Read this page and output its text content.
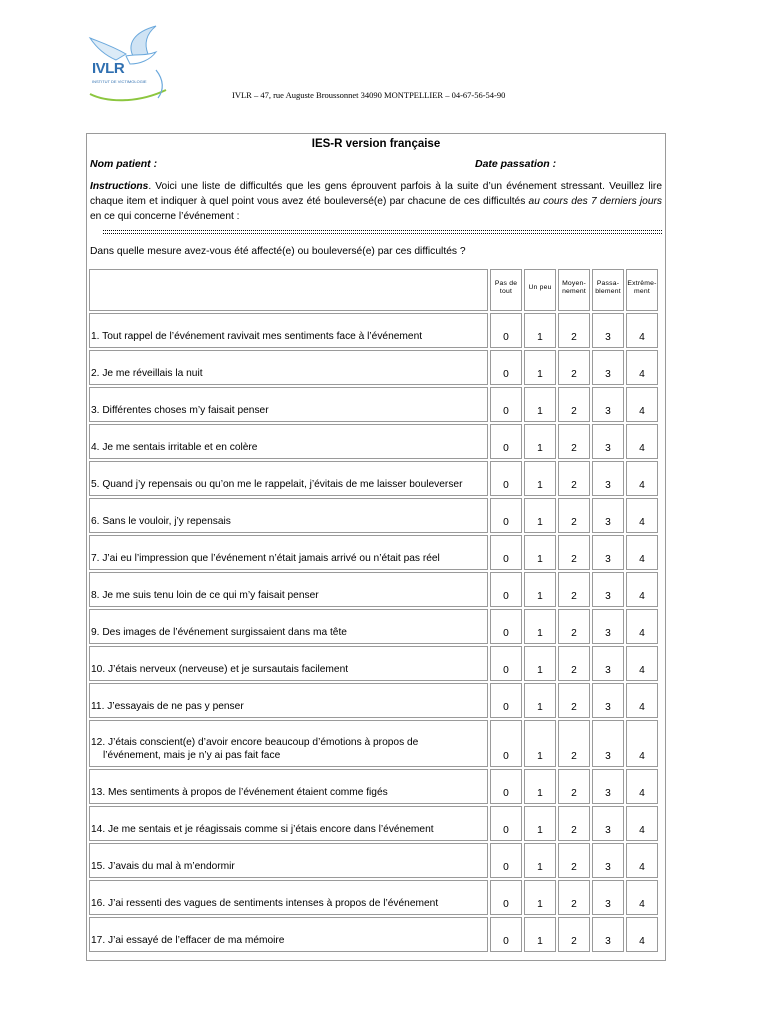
IVLR
INSTITUT DE VICTIMOLOGIE
IVLR – 47, rue Auguste Broussonnet 34090 MONTPELLIER – 04-67-56-54-90
IES-R version française
Nom patient :	Date passation :
Instructions. Voici une liste de difficultés que les gens éprouvent parfois à la suite d’un événement stressant. Veuillez lire chaque item et indiquer à quel point vous avez été bouleversé(e) par chacune de ces difficultés au cours des 7 derniers jours en ce qui concerne l’événement :
Dans quelle mesure avez-vous été affecté(e) ou bouleversé(e) par ces difficultés ?
	Pas de tout	Un peu	Moyen-nement	Passa-blement	Extrême-ment
1. Tout rappel de l’événement ravivait mes sentiments face à l’événement	0	1	2	3	4
2. Je me réveillais la nuit	0	1	2	3	4
3. Différentes choses m’y faisait penser	0	1	2	3	4
4. Je me sentais irritable et en colère	0	1	2	3	4
5. Quand j’y repensais ou qu’on me le rappelait, j’évitais de me laisser bouleverser	0	1	2	3	4
6. Sans le vouloir, j’y repensais	0	1	2	3	4
7. J’ai eu l’impression que l’événement n’était jamais arrivé ou n’était pas réel	0	1	2	3	4
8. Je me suis tenu loin de ce qui m’y faisait penser	0	1	2	3	4
9. Des images de l’événement surgissaient dans ma tête	0	1	2	3	4
10. J’étais nerveux (nerveuse) et je sursautais facilement	0	1	2	3	4
11. J’essayais de ne pas y penser	0	1	2	3	4
12. J’étais conscient(e) d’avoir encore beaucoup d’émotions à propos de
l’événement, mais je n’y ai pas fait face	0	1	2	3	4
13. Mes sentiments à propos de l’événement étaient comme figés	0	1	2	3	4
14. Je me sentais et je réagissais comme si j’étais encore dans l’événement	0	1	2	3	4
15. J’avais du mal à m’endormir	0	1	2	3	4
16. J’ai ressenti des vagues de sentiments intenses à propos de l’événement	0	1	2	3	4
17. J’ai essayé de l’effacer de ma mémoire	0	1	2	3	4
